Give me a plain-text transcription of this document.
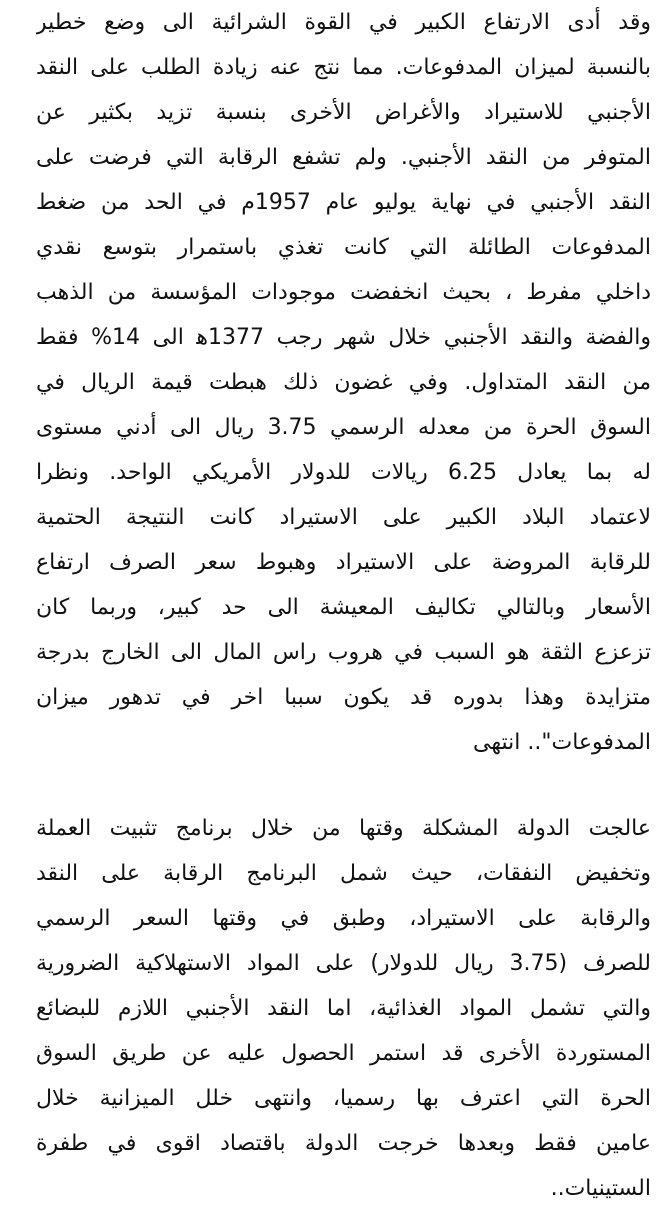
وقد أدى الارتفاع الكبير في القوة الشرائية الى وضع خطير
بالنسبة لميزان المدفوعات. مما نتج عنه زيادة الطلب على النقد
الأجنبي للاستيراد والأغراض الأخرى بنسبة تزيد بكثير عن
المتوفر من النقد الأجنبي. ولم تشفع الرقابة التي فرضت على
النقد الأجنبي في نهاية يوليو عام 1957م في الحد من ضغط
المدفوعات الطائلة التي كانت تغذي باستمرار بتوسع نقدي
داخلي مفرط ، بحيث انخفضت موجودات المؤسسة من الذهب
والفضة والنقد الأجنبي خلال شهر رجب 1377ﻫ الى 14% فقط
من النقد المتداول. وفي غضون ذلك هبطت قيمة الريال في
السوق الحرة من معدله الرسمي 3.75 ريال الى أدني مستوى
له بما يعادل 6.25 ريالات للدولار الأمريكي الواحد. ونظرا
لاعتماد البلاد الكبير على الاستيراد كانت النتيجة الحتمية
للرقابة المروضة على الاستيراد وهبوط سعر الصرف ارتفاع
الأسعار وبالتالي تكاليف المعيشة الى حد كبير، وربما كان
تزعزع الثقة هو السبب في هروب راس المال الى الخارج بدرجة
متزايدة وهذا بدوره قد يكون سببا اخر في تدهور ميزان
المدفوعات".. انتهى
عالجت الدولة المشكلة وقتها من خلال برنامج تثبيت العملة
وتخفيض النفقات، حيث شمل البرنامج الرقابة على النقد
والرقابة على الاستيراد، وطبق في وقتها السعر الرسمي
للصرف (3.75 ريال للدولار) على المواد الاستهلاكية الضرورية
والتي تشمل المواد الغذائية، اما النقد الأجنبي اللازم للبضائع
المستوردة الأخرى قد استمر الحصول عليه عن طريق السوق
الحرة التي اعترف بها رسميا، وانتهى خلل الميزانية خلال
عامين فقط وبعدها خرجت الدولة باقتصاد اقوى في طفرة
الستينيات..
